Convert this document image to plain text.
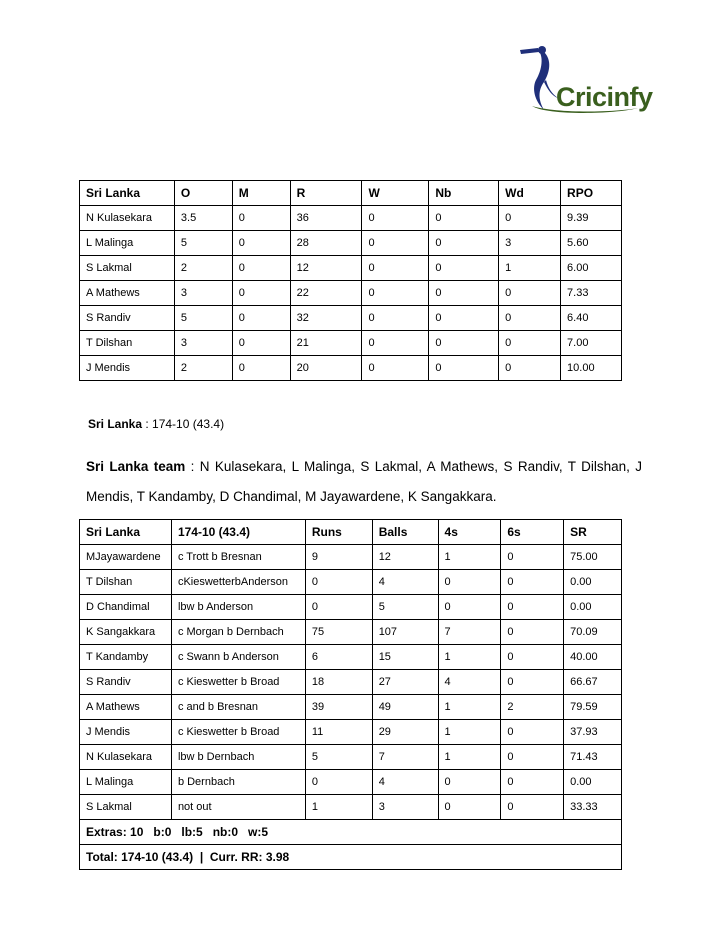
Cricinfy
Sri Lanka	O	M	R	W	Nb	Wd	RPO
N Kulasekara	3.5	0	36	0	0	0	9.39
L Malinga	5	0	28	0	0	3	5.60
S Lakmal	2	0	12	0	0	1	6.00
A Mathews	3	0	22	0	0	0	7.33
S Randiv	5	0	32	0	0	0	6.40
T Dilshan	3	0	21	0	0	0	7.00
J Mendis	2	0	20	0	0	0	10.00
Sri Lanka : 174-10 (43.4)
Sri Lanka team : N Kulasekara, L Malinga, S Lakmal, A Mathews, S Randiv, T Dilshan, J Mendis, T Kandamby, D Chandimal, M Jayawardene, K Sangakkara.
Sri Lanka	174-10 (43.4)	Runs	Balls	4s	6s	SR
MJayawardene	c Trott b Bresnan	9	12	1	0	75.00
T Dilshan	cKieswetterbAnderson	0	4	0	0	0.00
D Chandimal	lbw b Anderson	0	5	0	0	0.00
K Sangakkara	c Morgan b Dernbach	75	107	7	0	70.09
T Kandamby	c Swann b Anderson	6	15	1	0	40.00
S Randiv	c Kieswetter b Broad	18	27	4	0	66.67
A Mathews	c and b Bresnan	39	49	1	2	79.59
J Mendis	c Kieswetter b Broad	11	29	1	0	37.93
N Kulasekara	lbw b Dernbach	5	7	1	0	71.43
L Malinga	b Dernbach	0	4	0	0	0.00
S Lakmal	not out	1	3	0	0	33.33
Extras: 10   b:0   lb:5   nb:0   w:5						
Total: 174-10 (43.4)  |  Curr. RR: 3.98						
